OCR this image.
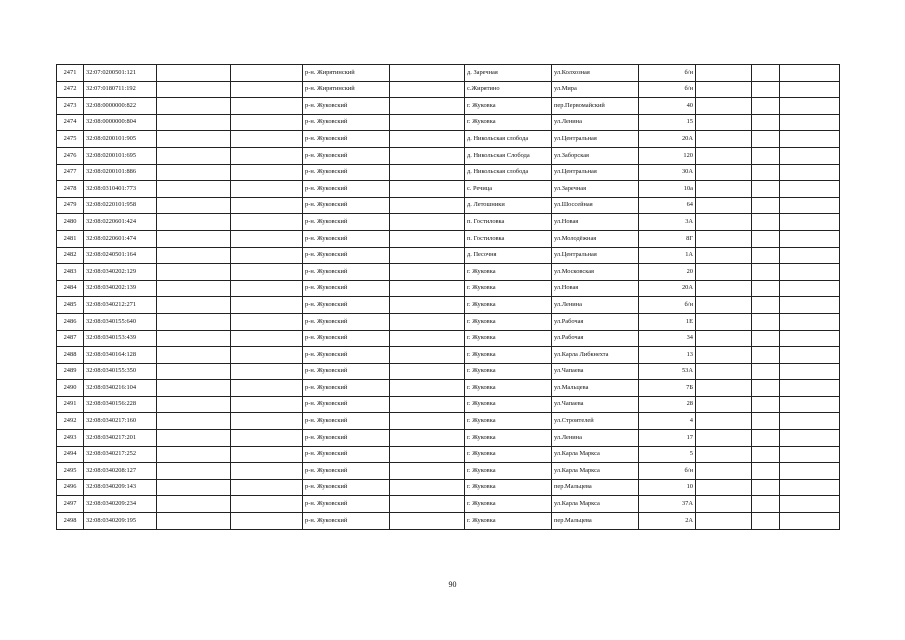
2471	32:07:0200501:121			р-н. Жирятинский		д. Заречная	ул.Колхозная	б/н			
2472	32:07:0180711:192			р-н. Жирятинский		с.Жирятино	ул.Мира	б/н			
2473	32:08:0000000:822			р-н. Жуковский		г. Жуковка	пер.Первомайский	40			
2474	32:08:0000000:804			р-н. Жуковский		г. Жуковка	ул.Ленина	15			
2475	32:08:0200101:905			р-н. Жуковский		д. Никольская слобода	ул.Центральная	20А			
2476	32:08:0200101:695			р-н. Жуковский		д. Никольская Слобода	ул.Заборская	120			
2477	32:08:0200101:886			р-н. Жуковский		д. Никольская слобода	ул.Центральная	30А			
2478	32:08:0310401:773			р-н. Жуковский		с. Речица	ул.Заречная	10а			
2479	32:08:0220101:958			р-н. Жуковский		д. Летошники	ул.Шоссейная	64			
2480	32:08:0220601:424			р-н. Жуковский		п. Гостиловка	ул.Новая	3А			
2481	32:08:0220601:474			р-н. Жуковский		п. Гостиловка	ул.Молодёжная	8Г			
2482	32:08:0240501:164			р-н. Жуковский		д. Песочня	ул.Центральная	1А			
2483	32:08:0340202:129			р-н. Жуковский		г. Жуковка	ул.Московская	20			
2484	32:08:0340202:139			р-н. Жуковский		г. Жуковка	ул.Новая	20А			
2485	32:08:0340212:271			р-н. Жуковский		г. Жуковка	ул.Ленина	б/н			
2486	32:08:0340155:640			р-н. Жуковский		г. Жуковка	ул.Рабочая	1Е			
2487	32:08:0340153:439			р-н. Жуковский		г. Жуковка	ул.Рабочая	34			
2488	32:08:0340164:128			р-н. Жуковский		г. Жуковка	ул.Карла Либкнехта	13			
2489	32:08:0340155:350			р-н. Жуковский		г. Жуковка	ул.Чапаева	53А			
2490	32:08:0340216:104			р-н. Жуковский		г. Жуковка	ул.Мальцева	7Б			
2491	32:08:0340156:228			р-н. Жуковский		г. Жуковка	ул.Чапаева	28			
2492	32:08:0340217:160			р-н. Жуковский		г. Жуковка	ул.Строителей	4			
2493	32:08:0340217:201			р-н. Жуковский		г. Жуковка	ул.Ленина	17			
2494	32:08:0340217:252			р-н. Жуковский		г. Жуковка	ул.Карла Маркса	5			
2495	32:08:0340208:127			р-н. Жуковский		г. Жуковка	ул.Карла Маркса	б/н			
2496	32:08:0340209:143			р-н. Жуковский		г. Жуковка	пер.Мальцева	10			
2497	32:08:0340209:234			р-н. Жуковский		г. Жуковка	ул.Карла Маркса	37А			
2498	32:08:0340209:195			р-н. Жуковский		г. Жуковка	пер.Мальцева	2А			
90
